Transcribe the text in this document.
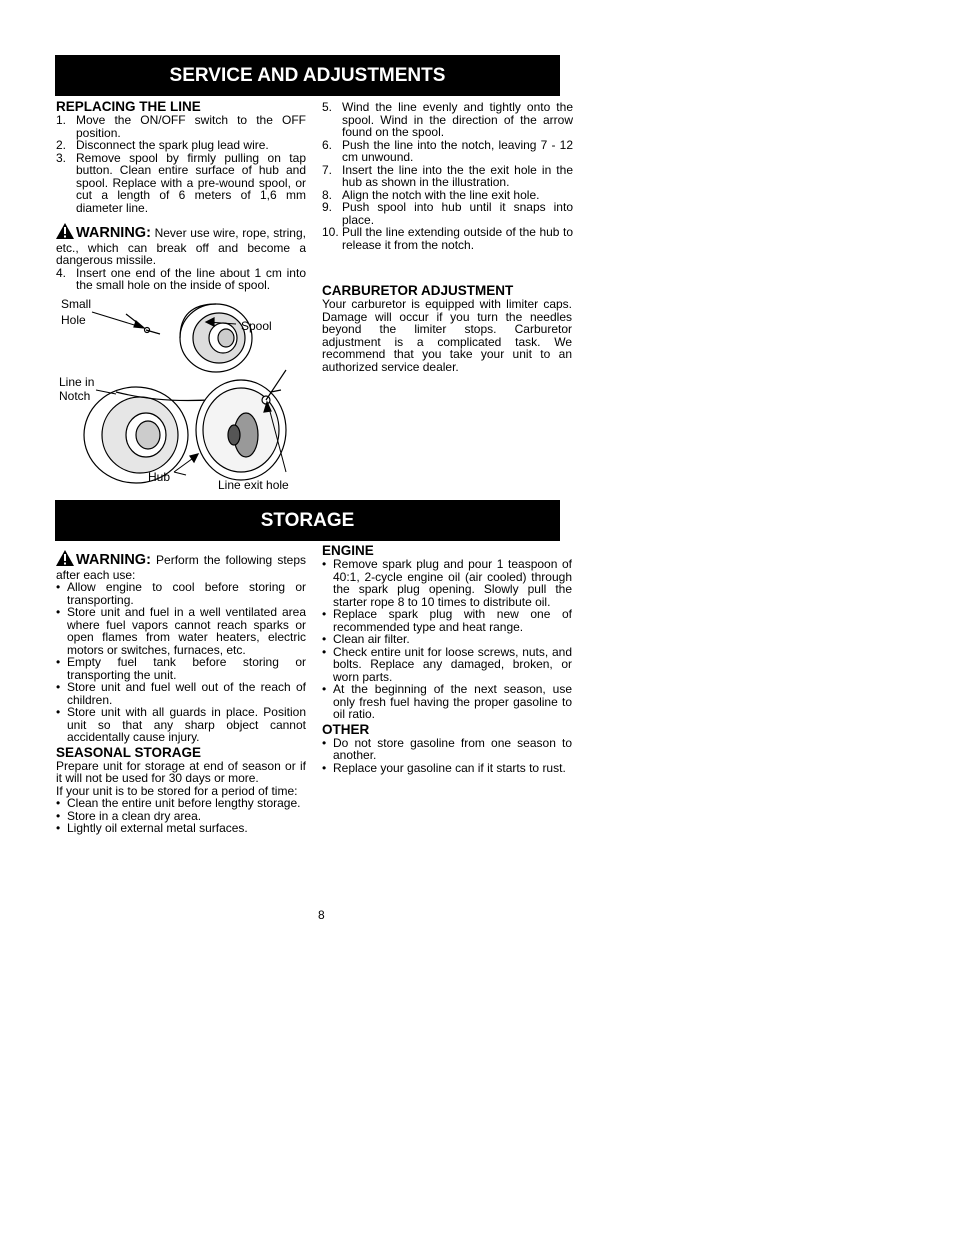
SERVICE AND ADJUSTMENTS
STORAGE
REPLACING THE LINE
1. Move the ON/OFF switch to the OFF position.
2. Disconnect the spark plug lead wire.
3. Remove spool by firmly pulling on tap button. Clean entire surface of hub and spool. Replace with a pre-wound spool, or cut a length of 6 meters of 1,6 mm diameter line.

WARNING: Never use wire, rope, string, etc., which can break off and become a dangerous missile.

4. Insert one end of the line about 1 cm into the small hole on the inside of spool.
Small
Hole	Spool
Line in
Notch
Hub
Line exit hole
5. Wind the line evenly and tightly onto the spool. Wind in the direction of the arrow found on the spool.
6. Push the line into the notch, leaving 7 - 12 cm unwound.
7. Insert the line into the the exit hole in the hub as shown in the illustration.
8. Align the notch with the line exit hole.
9. Push spool into hub until it snaps into place.
10. Pull the line extending outside of the hub to release it from the notch.
CARBURETOR ADJUSTMENT

Your carburetor is equipped with limiter caps. Damage will occur if you turn the needles beyond the limiter stops. Carburetor adjustment is a complicated task. We recommend that you take your unit to an authorized service dealer.

WARNING: Perform the following steps after each use:

• Allow engine to cool before storing or transporting.
• Store unit and fuel in a well ventilated area where fuel vapors cannot reach sparks or open flames from water heaters, electric motors or switches, furnaces, etc.
• Empty fuel tank before storing or transporting the unit.
• Store unit and fuel well out of the reach of children.
• Store unit with all guards in place. Position unit so that any sharp object cannot accidentally cause injury.
SEASONAL STORAGE

Prepare unit for storage at end of season or if it will not be used for 30 days or more.

If your unit is to be stored for a period of time:

• Clean the entire unit before lengthy storage.
• Store in a clean dry area.
• Lightly oil external metal surfaces.
ENGINE
• Remove spark plug and pour 1 teaspoon of 40:1, 2-cycle engine oil (air cooled) through the spark plug opening. Slowly pull the starter rope 8 to 10 times to distribute oil.
• Replace spark plug with new one of recommended type and heat range.
• Clean air filter.
• Check entire unit for loose screws, nuts, and bolts. Replace any damaged, broken, or worn parts.
• At the beginning of the next season, use only fresh fuel having the proper gasoline to oil ratio.
OTHER
• Do not store gasoline from one season to another.
• Replace your gasoline can if it starts to rust.
8
